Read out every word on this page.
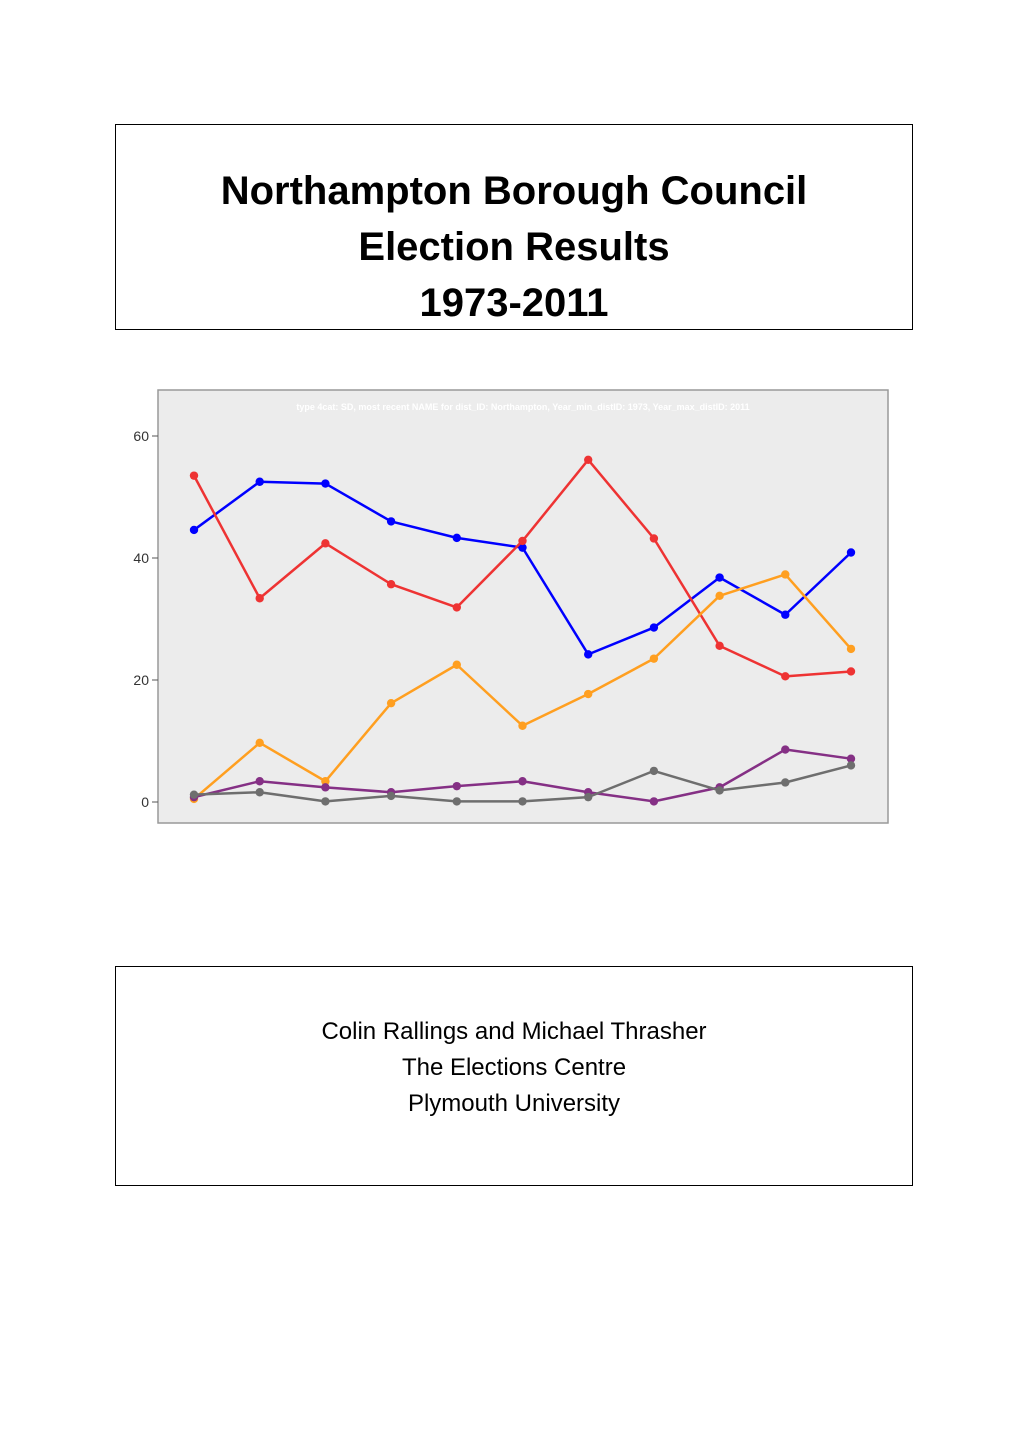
Northampton Borough Council
Election Results
1973-2011
type 4cat: SD, most recent NAME for dist_ID: Northampton, Year_min_distID: 1973, Year_max_distID: 2011
0
20
40
60
Colin Rallings and Michael Thrasher
The Elections Centre
Plymouth University
